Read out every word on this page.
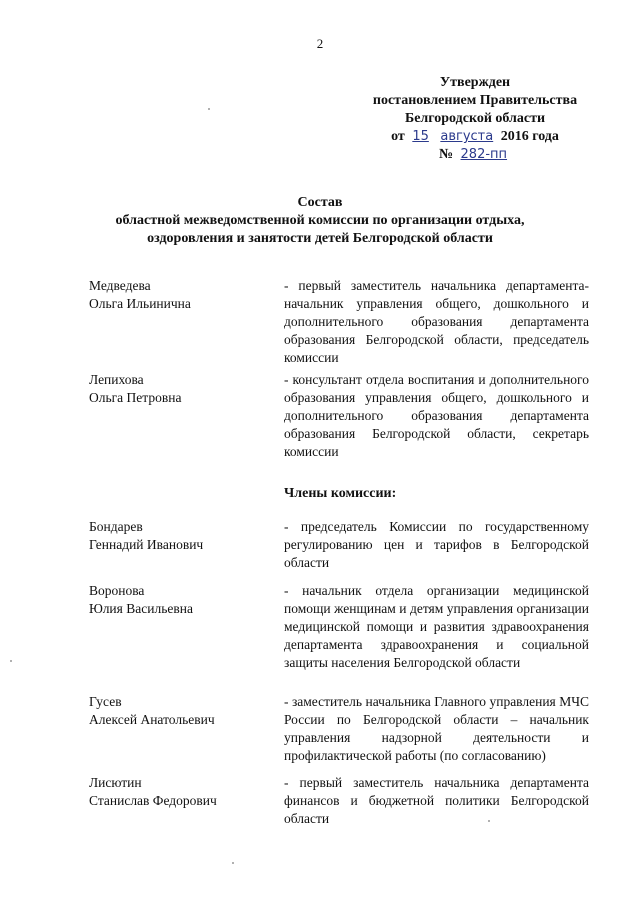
2
Утвержден
постановлением Правительства
Белгородской области
от 15 августа 2016 года
№ 282-пп
Состав
областной межведомственной комиссии по организации отдыха,
оздоровления и занятости детей Белгородской области
Медведева
Ольга Ильинична
- первый заместитель начальника департамента-начальник управления общего, дошкольного и дополнительного образования департамента образования Белгородской области, председатель комиссии
Лепихова
Ольга Петровна
- консультант отдела воспитания и дополнительного образования управления общего, дошкольного и дополнительного образования департамента образования Белгородской области, секретарь комиссии
Члены комиссии:
Бондарев
Геннадий Иванович
- председатель Комиссии по государственному регулированию цен и тарифов в Белгородской области
Воронова
Юлия Васильевна
- начальник отдела организации медицинской помощи женщинам и детям управления организации медицинской помощи и развития здравоохранения департамента здравоохранения и социальной защиты населения Белгородской области
Гусев
Алексей Анатольевич
- заместитель начальника Главного управления МЧС России по Белгородской области – начальник управления надзорной деятельности и профилактической работы (по согласованию)
Лисютин
Станислав Федорович
- первый заместитель начальника департамента финансов и бюджетной политики Белгородской области
